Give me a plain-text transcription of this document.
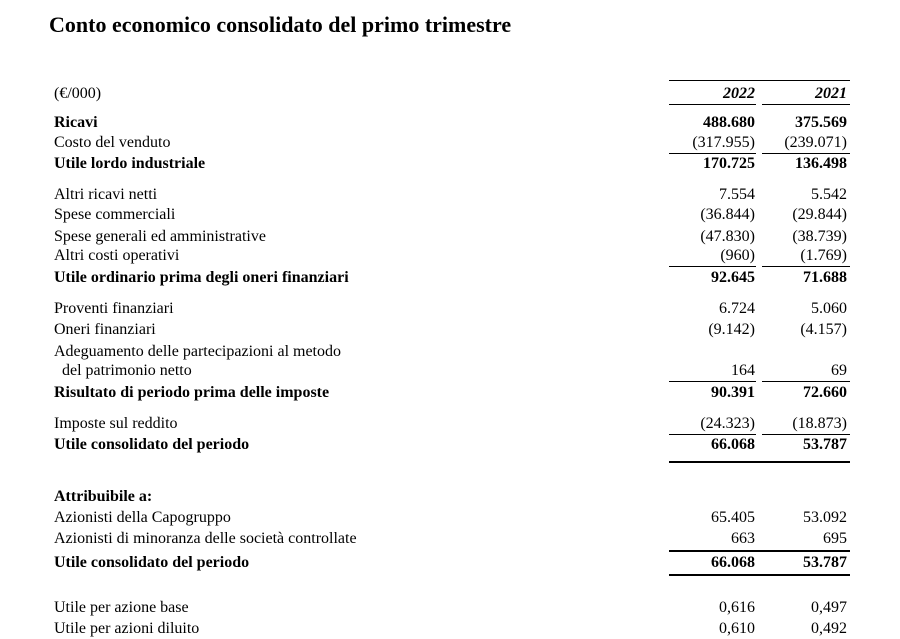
Conto economico consolidato del primo trimestre
(€/000)	2022	2021
Ricavi	488.680	375.569
Costo del venduto	(317.955)	(239.071)
Utile lordo industriale	170.725	136.498
Altri ricavi netti	7.554	5.542
Spese commerciali	(36.844)	(29.844)
Spese generali ed amministrative	(47.830)	(38.739)
Altri costi operativi	(960)	(1.769)
Utile ordinario prima degli oneri finanziari	92.645	71.688
Proventi finanziari	6.724	5.060
Oneri finanziari	(9.142)	(4.157)
Adeguamento delle partecipazioni al metodo
del patrimonio netto	164	69
Risultato di periodo prima delle imposte	90.391	72.660
Imposte sul reddito	(24.323)	(18.873)
Utile consolidato del periodo	66.068	53.787
Attribuibile a:
Azionisti della Capogruppo	65.405	53.092
Azionisti di minoranza delle società controllate	663	695
Utile consolidato del periodo	66.068	53.787
Utile per azione base	0,616	0,497
Utile per azioni diluito	0,610	0,492
